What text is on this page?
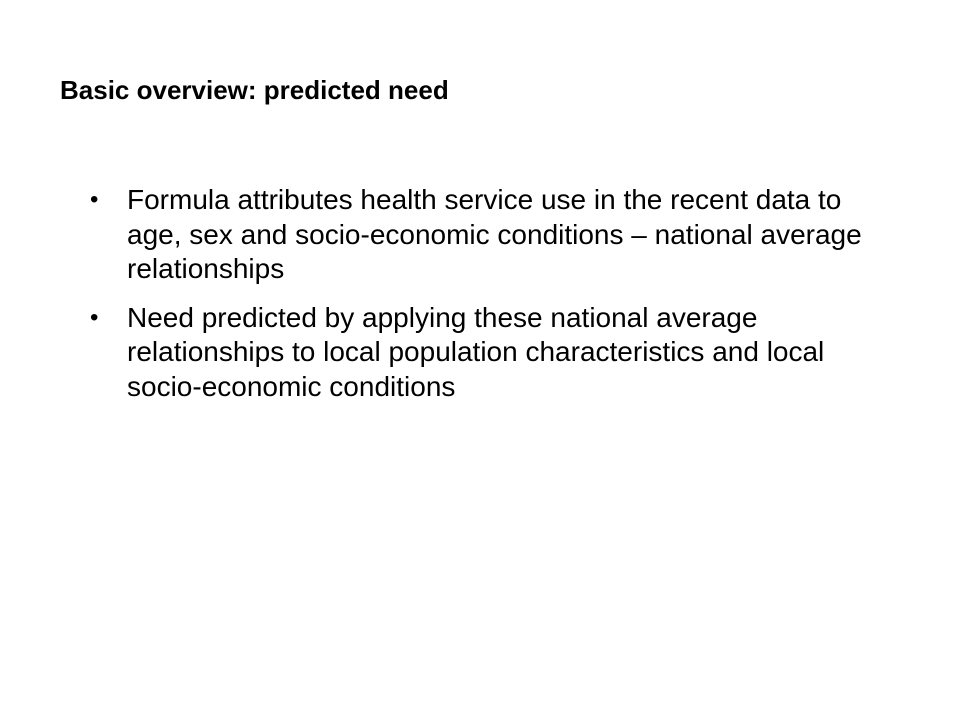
Basic overview: predicted need
•	Formula attributes health service use in the recent data to age, sex and socio-economic conditions – national average relationships
•	Need predicted by applying these national average relationships to local population characteristics and local socio-economic conditions
